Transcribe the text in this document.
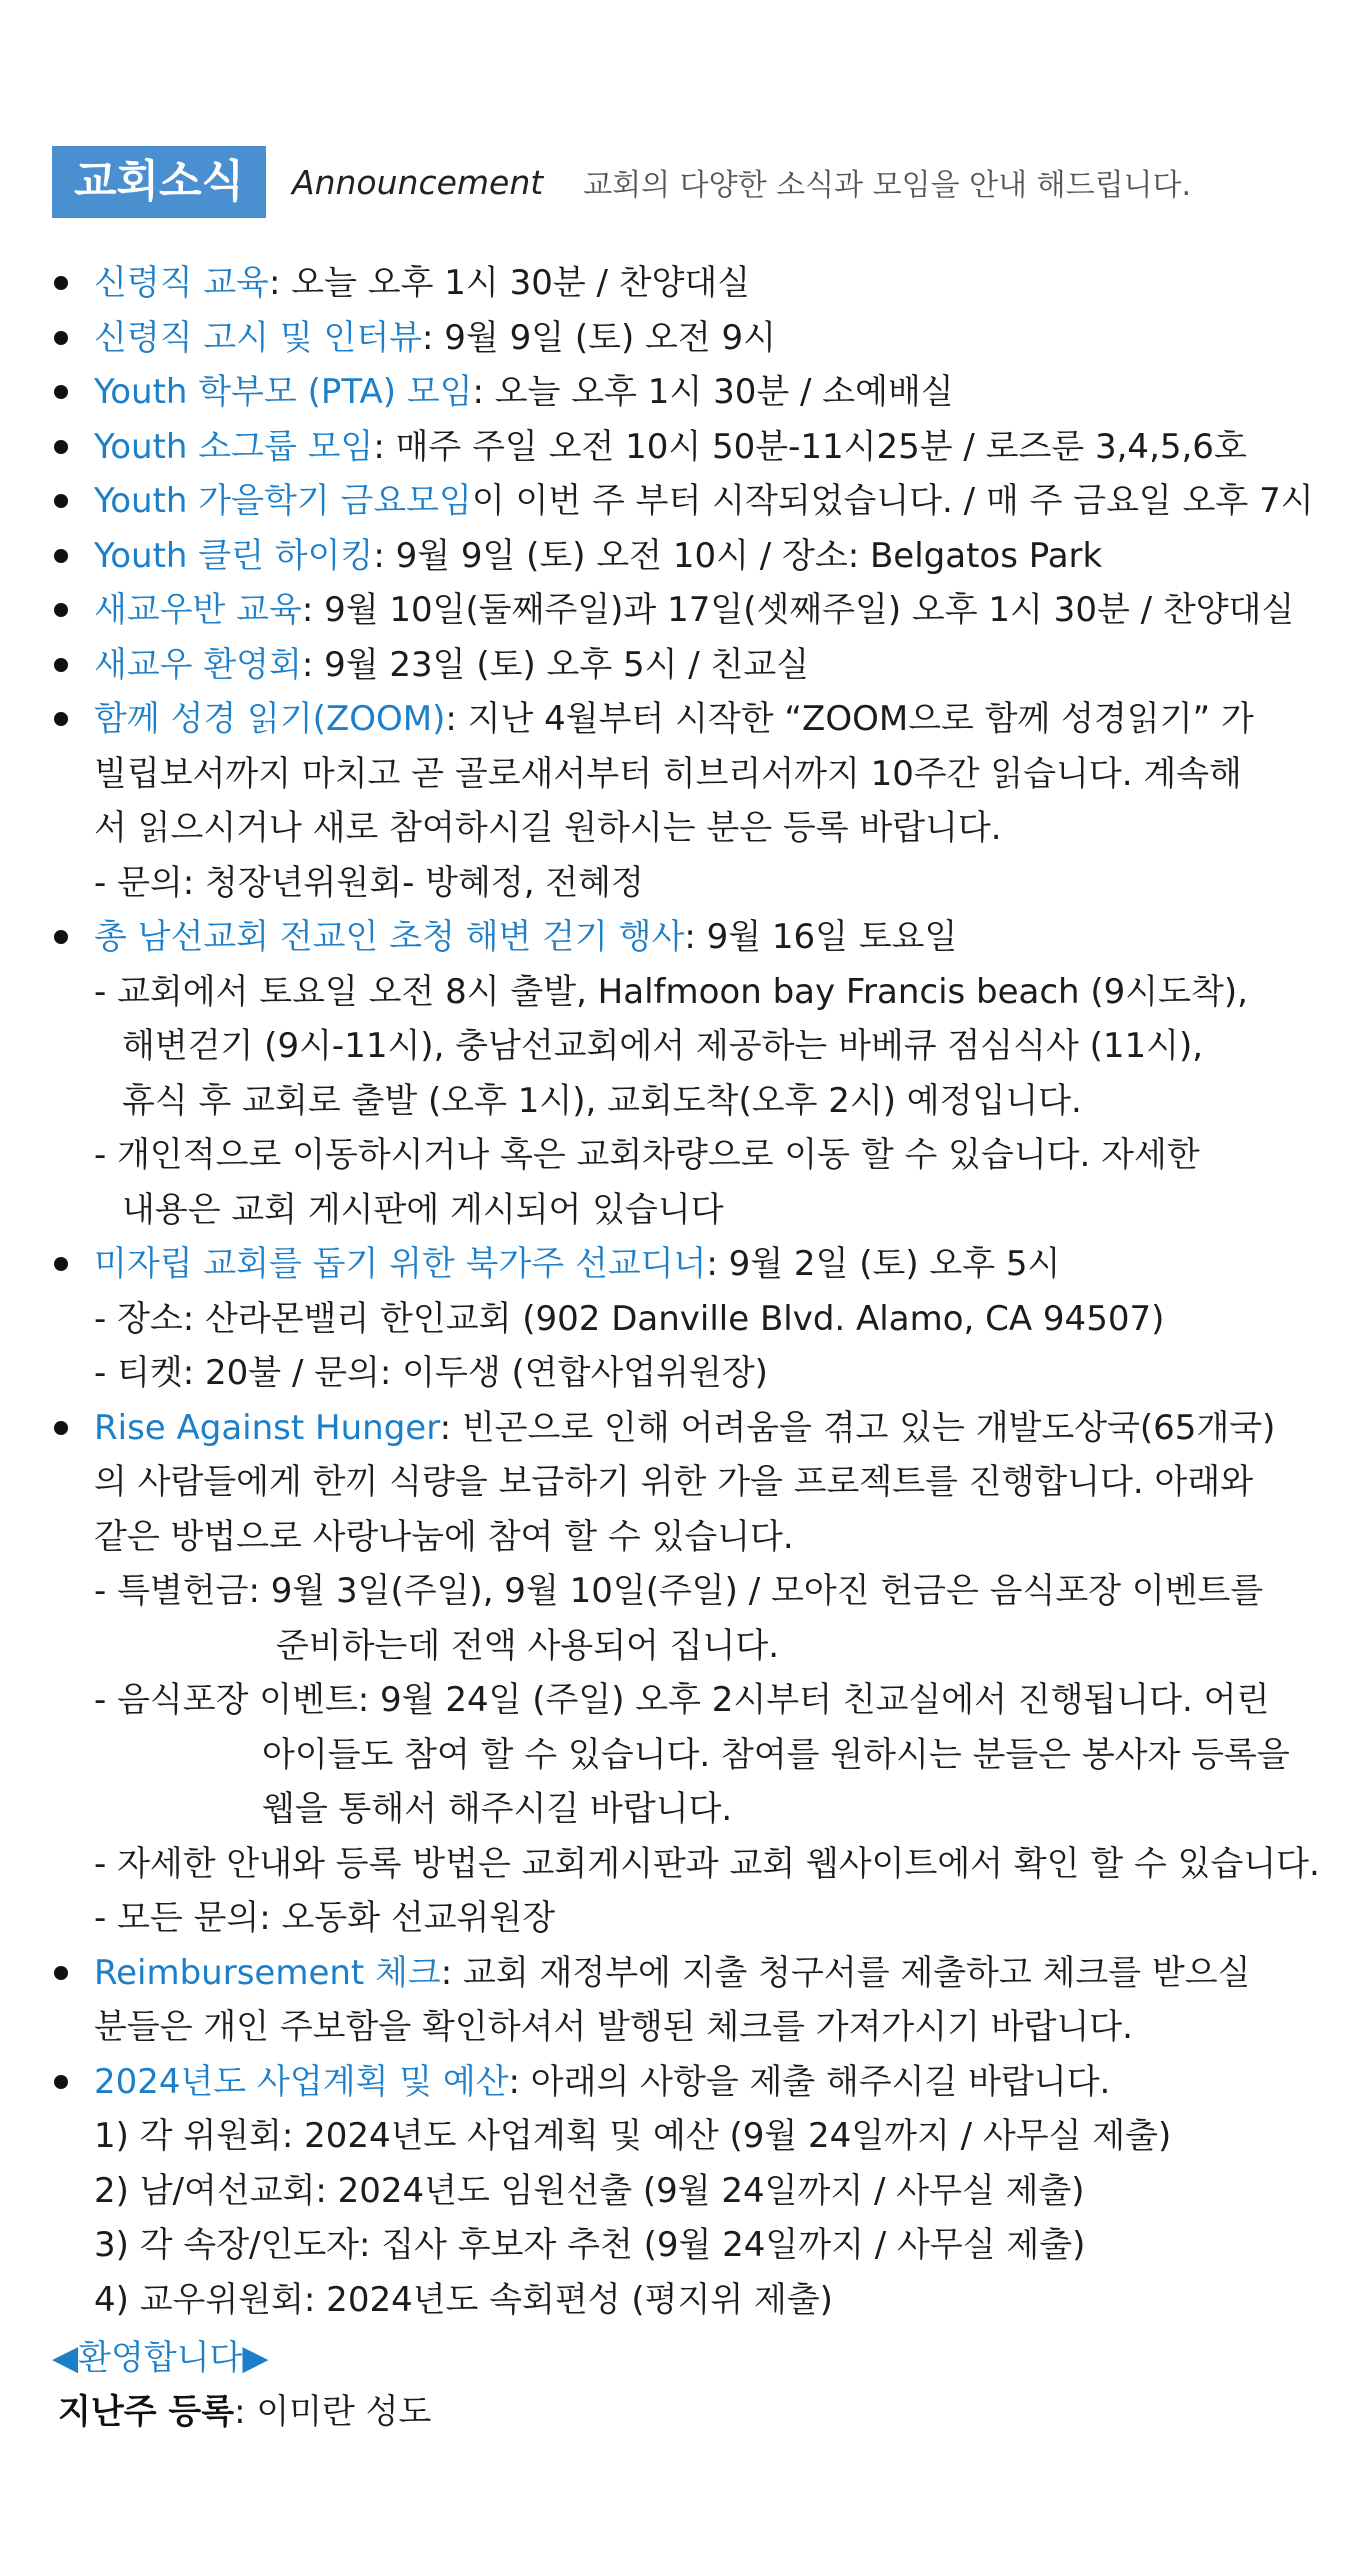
교회소식	Announcement 교회의 다양한 소식과 모임을 안내 해드립니다.
신령직 교육: 오늘 오후 1시 30분 / 찬양대실
신령직 고시 및 인터뷰: 9월 9일 (토) 오전 9시
Youth 학부모 (PTA) 모임: 오늘 오후 1시 30분 / 소예배실
Youth 소그룹 모임: 매주 주일 오전 10시 50분-11시25분 / 로즈룬 3,4,5,6호
Youth 가을학기 금요모임이 이번 주 부터 시작되었습니다. / 매 주 금요일 오후 7시
Youth 클린 하이킹: 9월 9일 (토) 오전 10시 / 장소: Belgatos Park
새교우반 교육: 9월 10일(둘째주일)과 17일(셋째주일) 오후 1시 30분 / 찬양대실
새교우 환영회: 9월 23일 (토) 오후 5시 / 친교실
함께 성경 읽기(ZOOM): 지난 4월부터 시작한 “ZOOM으로 함께 성경읽기” 가
빌립보서까지 마치고 곧 골로새서부터 히브리서까지 10주간 읽습니다. 계속해
서 읽으시거나 새로 참여하시길 원하시는 분은 등록 바랍니다.
- 문의: 청장년위원회- 방혜정, 전혜정
총 남선교회 전교인 초청 해변 걷기 행사: 9월 16일 토요일
- 교회에서 토요일 오전 8시 출발, Halfmoon bay Francis beach (9시도착),
해변걷기 (9시-11시), 충남선교회에서 제공하는 바베큐 점심식사 (11시),
휴식 후 교회로 출발 (오후 1시), 교회도착(오후 2시) 예정입니다.
- 개인적으로 이동하시거나 혹은 교회차량으로 이동 할 수 있습니다. 자세한
내용은 교회 게시판에 게시되어 있습니다
미자립 교회를 돕기 위한 북가주 선교디너: 9월 2일 (토) 오후 5시
- 장소: 산라몬밸리 한인교회 (902 Danville Blvd. Alamo, CA 94507)
- 티켓: 20불 / 문의: 이두생 (연합사업위원장)
Rise Against Hunger: 빈곤으로 인해 어려움을 겪고 있는 개발도상국(65개국)
의 사람들에게 한끼 식량을 보급하기 위한 가을 프로젝트를 진행합니다. 아래와
같은 방법으로 사랑나눔에 참여 할 수 있습니다.
- 특별헌금: 9월 3일(주일), 9월 10일(주일) / 모아진 헌금은 음식포장 이벤트를
준비하는데 전액 사용되어 집니다.
- 음식포장 이벤트: 9월 24일 (주일) 오후 2시부터 친교실에서 진행됩니다. 어린
아이들도 참여 할 수 있습니다. 참여를 원하시는 분들은 봉사자 등록을
웹을 통해서 해주시길 바랍니다.
- 자세한 안내와 등록 방법은 교회게시판과 교회 웹사이트에서 확인 할 수 있습니다.
- 모든 문의: 오동화 선교위원장
Reimbursement 체크: 교회 재정부에 지출 청구서를 제출하고 체크를 받으실
분들은 개인 주보함을 확인하셔서 발행된 체크를 가져가시기 바랍니다.
2024년도 사업계획 및 예산: 아래의 사항을 제출 해주시길 바랍니다.
1) 각 위원회: 2024년도 사업계획 및 예산 (9월 24일까지 / 사무실 제출)
2) 남/여선교회: 2024년도 임원선출 (9월 24일까지 / 사무실 제출)
3) 각 속장/인도자: 집사 후보자 추천 (9월 24일까지 / 사무실 제출)
4) 교우위원회: 2024년도 속회편성 (평지위 제출)
◀환영합니다▶
지난주 등록: 이미란 성도
